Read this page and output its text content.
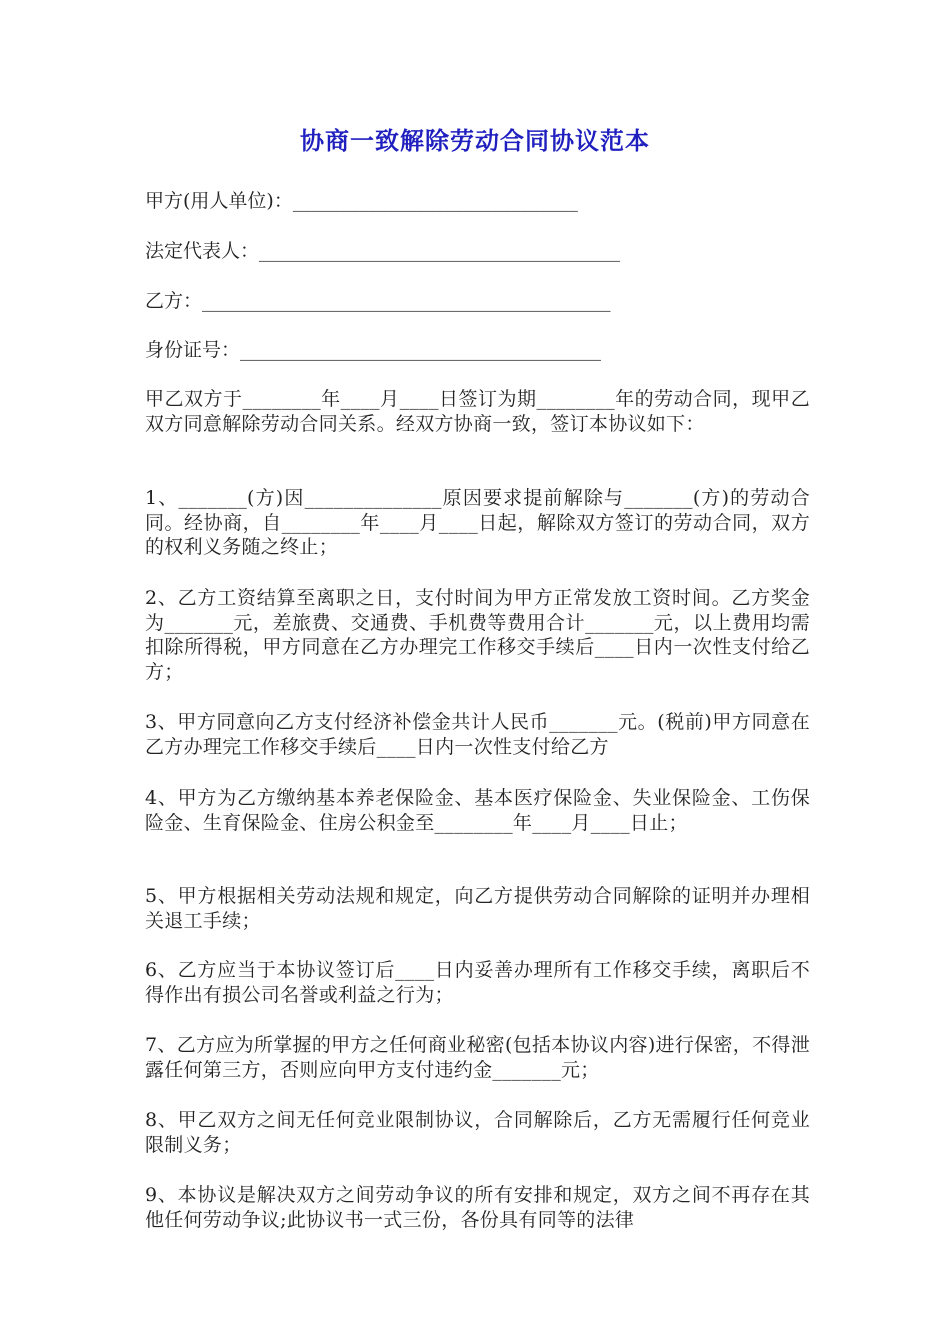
协商一致解除劳动合同协议范本
甲方(用人单位)：______________________________
法定代表人：______________________________________
乙方：___________________________________________
身份证号：______________________________________
甲乙双方于________年____月____日签订为期________年的劳动合同，现甲乙双方同意解除劳动合同关系。经双方协商一致，签订本协议如下：
1、_______(方)因______________原因要求提前解除与_______(方)的劳动合同。经协商，自________年____月____日起，解除双方签订的劳动合同，双方的权利义务随之终止；
2、乙方工资结算至离职之日，支付时间为甲方正常发放工资时间。乙方奖金为_______元，差旅费、交通费、手机费等费用合计_______元，以上费用均需扣除所得税，甲方同意在乙方办理完工作移交手续后____日内一次性支付给乙方；
3、甲方同意向乙方支付经济补偿金共计人民币_______元。(税前)甲方同意在乙方办理完工作移交手续后____日内一次性支付给乙方
4、甲方为乙方缴纳基本养老保险金、基本医疗保险金、失业保险金、工伤保险金、生育保险金、住房公积金至________年____月____日止；
5、甲方根据相关劳动法规和规定，向乙方提供劳动合同解除的证明并办理相关退工手续；
6、乙方应当于本协议签订后____日内妥善办理所有工作移交手续，离职后不得作出有损公司名誉或利益之行为；
7、乙方应为所掌握的甲方之任何商业秘密(包括本协议内容)进行保密，不得泄露任何第三方，否则应向甲方支付违约金_______元；
8、甲乙双方之间无任何竞业限制协议，合同解除后，乙方无需履行任何竞业限制义务；
9、本协议是解决双方之间劳动争议的所有安排和规定，双方之间不再存在其他任何劳动争议;此协议书一式三份，各份具有同等的法律
